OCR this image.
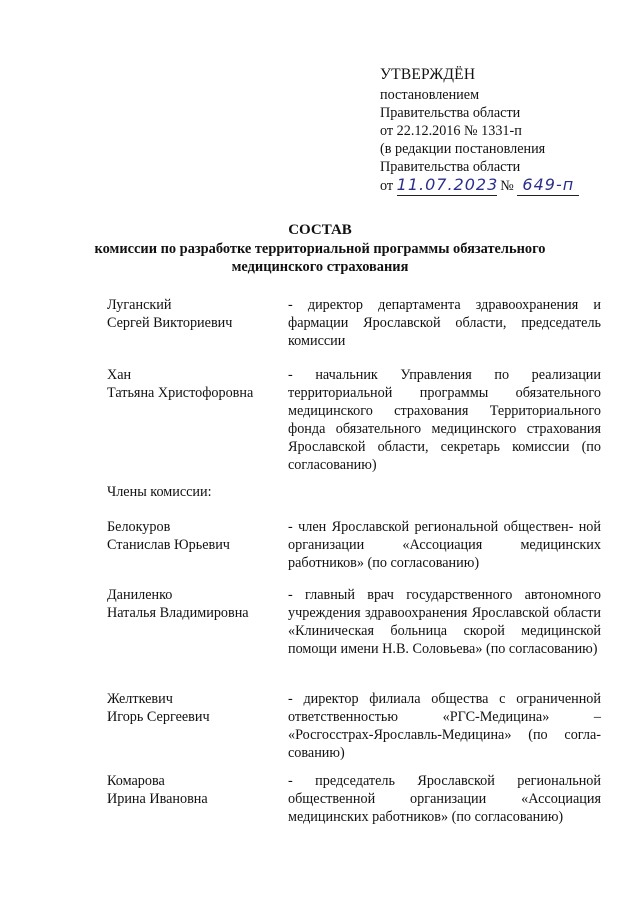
УТВЕРЖДЁН
постановлением
Правительства области
от 22.12.2016 № 1331-п
(в редакции постановления
Правительства области
от 11.07.2023 № 649-п
СОСТАВ
комиссии по разработке территориальной программы обязательного
медицинского страхования
Луганский
Сергей Викториевич
- директор департамента здравоохранения и фармации Ярославской области, председатель комиссии
Хан
Татьяна Христофоровна
- начальник Управления по реализации территориальной программы обязательного медицинского страхования Территориального фонда обязательного медицинского страхования Ярославской области, секретарь комиссии (по согласованию)
Члены комиссии:
Белокуров
Станислав Юрьевич
- член Ярославской региональной обществен- ной организации «Ассоциация медицинских работников» (по согласованию)
Даниленко
Наталья Владимировна
- главный врач государственного автономного учреждения здравоохранения Ярославской области «Клиническая больница скорой медицинской помощи имени Н.В. Соловьева» (по согласованию)
Желткевич
Игорь Сергеевич
- директор филиала общества с ограниченной ответственностью «РГС-Медицина» – «Росгосстрах-Ярославль-Медицина» (по согла- сованию)
Комарова
Ирина Ивановна
- председатель Ярославской региональной общественной организации «Ассоциация медицинских работников» (по согласованию)
